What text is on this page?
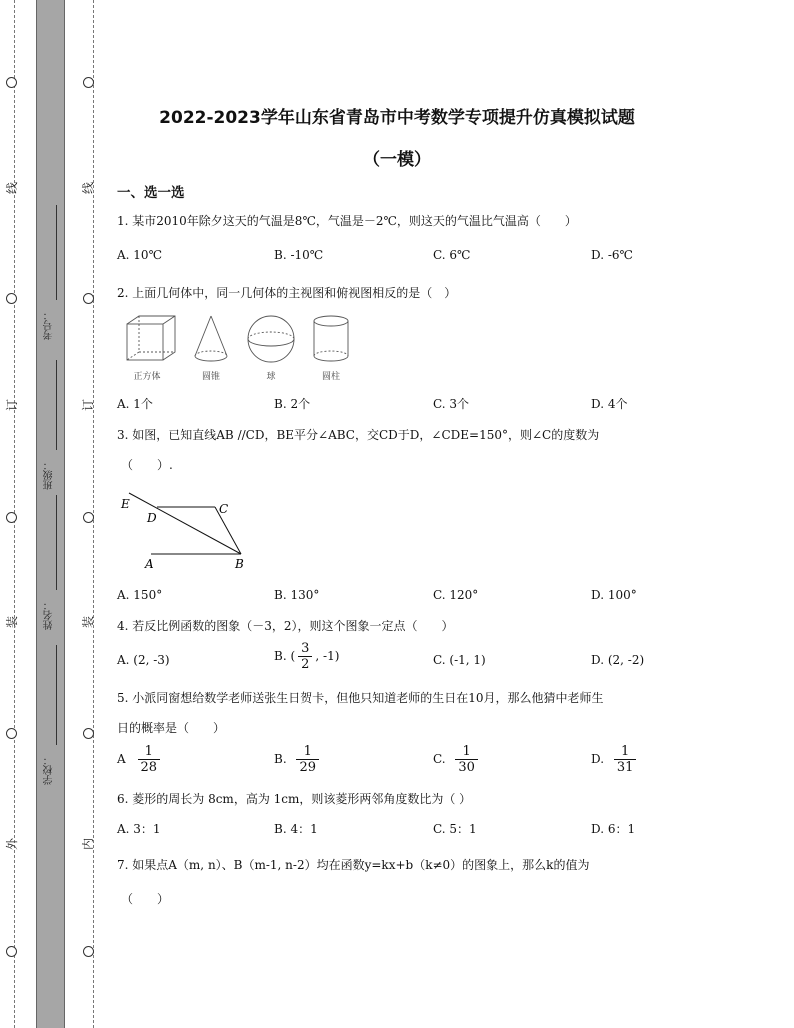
线
订
装
外
线
订
装
内
考号：
班级：
姓名：
学校：
2022-2023学年山东省青岛市中考数学专项提升仿真模拟试题
（一模）
一、选一选
1. 某市2010年除夕这天的气温是8℃，气温是－2℃，则这天的气温比气温高（　　）
A. 10℃	B. -10℃	C. 6℃	D. -6℃
2. 上面几何体中，同一几何体的主视图和俯视图相反的是（　）
正方体	圆锥	球	圆柱
A. 1个	B. 2个	C. 3个	D. 4个
3. 如图，已知直线AB //CD，BE平分∠ABC，交CD于D，∠CDE=150°，则∠C的度数为
（　　）.
E
D
C
A	B
A. 150°	B. 130°	C. 120°	D. 100°
4. 若反比例函数的图象（－3，2），则这个图象一定点（　　）
A. (2, -3)	B. ( $\frac{3}{2}$ , -1)	C. (-1, 1)	D. (2, -2)
5. 小派同窗想给数学老师送张生日贺卡，但他只知道老师的生日在10月，那么他猜中老师生
日的概率是（　　）
A $\frac{1}{28}$	B. $\frac{1}{29}$	C. $\frac{1}{30}$	D. $\frac{1}{31}$
6. 菱形的周长为 8cm，高为 1cm，则该菱形两邻角度数比为（ ）
A. 3：1	B. 4：1	C. 5：1	D. 6：1
7. 如果点A（m, n）、B（m-1, n-2）均在函数y=kx+b（k≠0）的图象上，那么k的值为
（　　）
